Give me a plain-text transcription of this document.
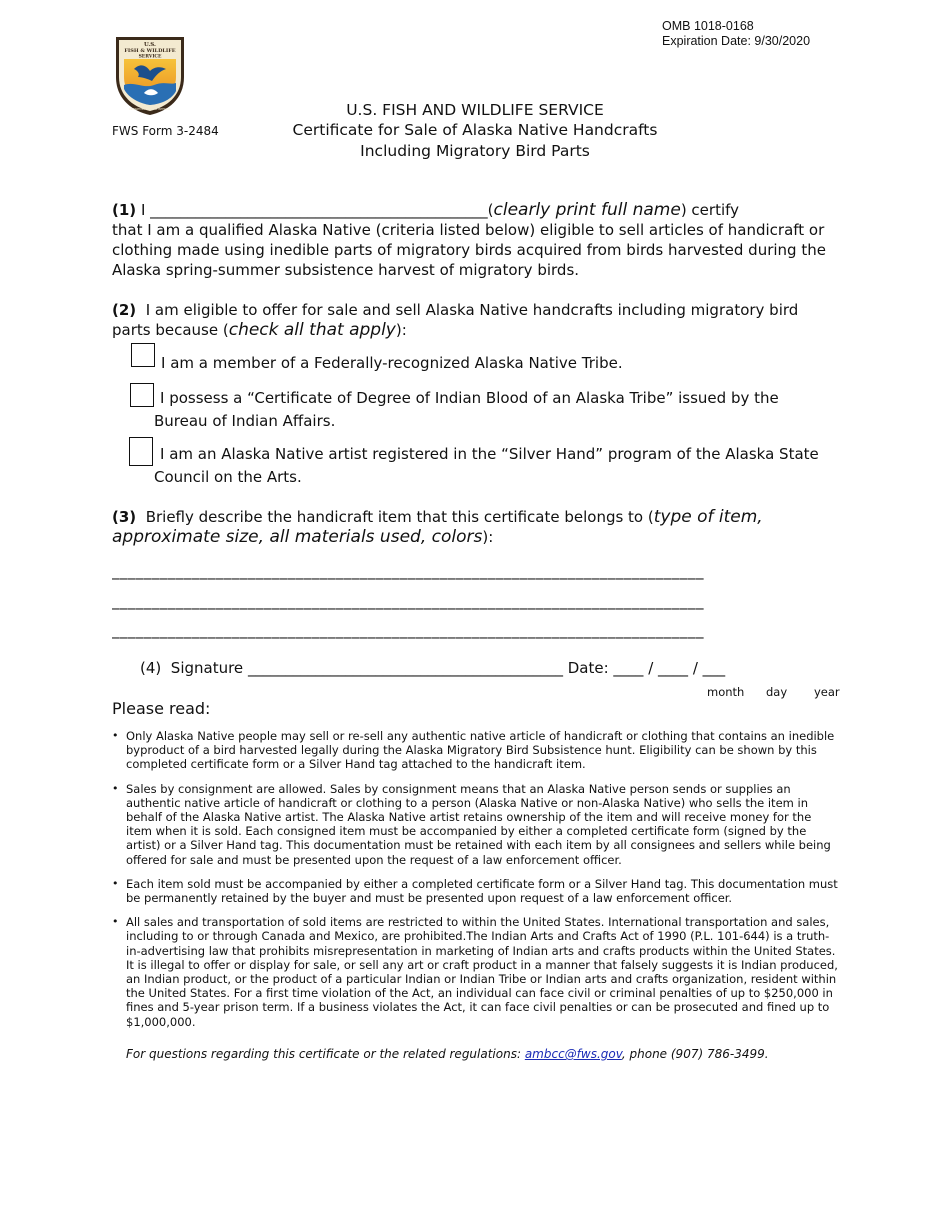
OMB 1018-0168
Expiration Date: 9/30/2020
U.S.
FISH & WILDLIFE
SERVICE
DEPARTMENT OF THE INTERIOR
FWS Form 3-2484
U.S. FISH AND WILDLIFE SERVICE
Certificate for Sale of Alaska Native Handcrafts
Including Migratory Bird Parts
(1) I _____________________________________________(clearly print full name) certify
that I am a qualified Alaska Native (criteria listed below) eligible to sell articles of handicraft or clothing made using inedible parts of migratory birds acquired from birds harvested during the Alaska spring-summer subsistence harvest of migratory birds.
(2) I am eligible to offer for sale and sell Alaska Native handcrafts including migratory bird parts because (check all that apply):
I am a member of a Federally-recognized Alaska Native Tribe.
I possess a “Certificate of Degree of Indian Blood of an Alaska Tribe” issued by the Bureau of Indian Affairs.
I am an Alaska Native artist registered in the “Silver Hand” program of the Alaska State Council on the Arts.
(3) Briefly describe the handicraft item that this certificate belongs to (type of item, approximate size, all materials used, colors):
__________________________________________________________________________
__________________________________________________________________________
__________________________________________________________________________
(4) Signature __________________________________________ Date: ____ / ____ / ___
month day year
Please read:
• Only Alaska Native people may sell or re-sell any authentic native article of handicraft or clothing that contains an inedible byproduct of a bird harvested legally during the Alaska Migratory Bird Subsistence hunt. Eligibility can be shown by this completed certificate form or a Silver Hand tag attached to the handicraft item.
• Sales by consignment are allowed. Sales by consignment means that an Alaska Native person sends or supplies an authentic native article of handicraft or clothing to a person (Alaska Native or non-Alaska Native) who sells the item in behalf of the Alaska Native artist. The Alaska Native artist retains ownership of the item and will receive money for the item when it is sold. Each consigned item must be accompanied by either a completed certificate form (signed by the artist) or a Silver Hand tag. This documentation must be retained with each item by all consignees and sellers while being offered for sale and must be presented upon the request of a law enforcement officer.
• Each item sold must be accompanied by either a completed certificate form or a Silver Hand tag. This documentation must be permanently retained by the buyer and must be presented upon request of a law enforcement officer.
• All sales and transportation of sold items are restricted to within the United States. International transportation and sales, including to or through Canada and Mexico, are prohibited.The Indian Arts and Crafts Act of 1990 (P.L. 101-644) is a truth-in-advertising law that prohibits misrepresentation in marketing of Indian arts and crafts products within the United States. It is illegal to offer or display for sale, or sell any art or craft product in a manner that falsely suggests it is Indian produced, an Indian product, or the product of a particular Indian or Indian Tribe or Indian arts and crafts organization, resident within the United States. For a first time violation of the Act, an individual can face civil or criminal penalties of up to $250,000 in fines and 5-year prison term. If a business violates the Act, it can face civil penalties or can be prosecuted and fined up to $1,000,000.
For questions regarding this certificate or the related regulations: ambcc@fws.gov, phone (907) 786-3499.
